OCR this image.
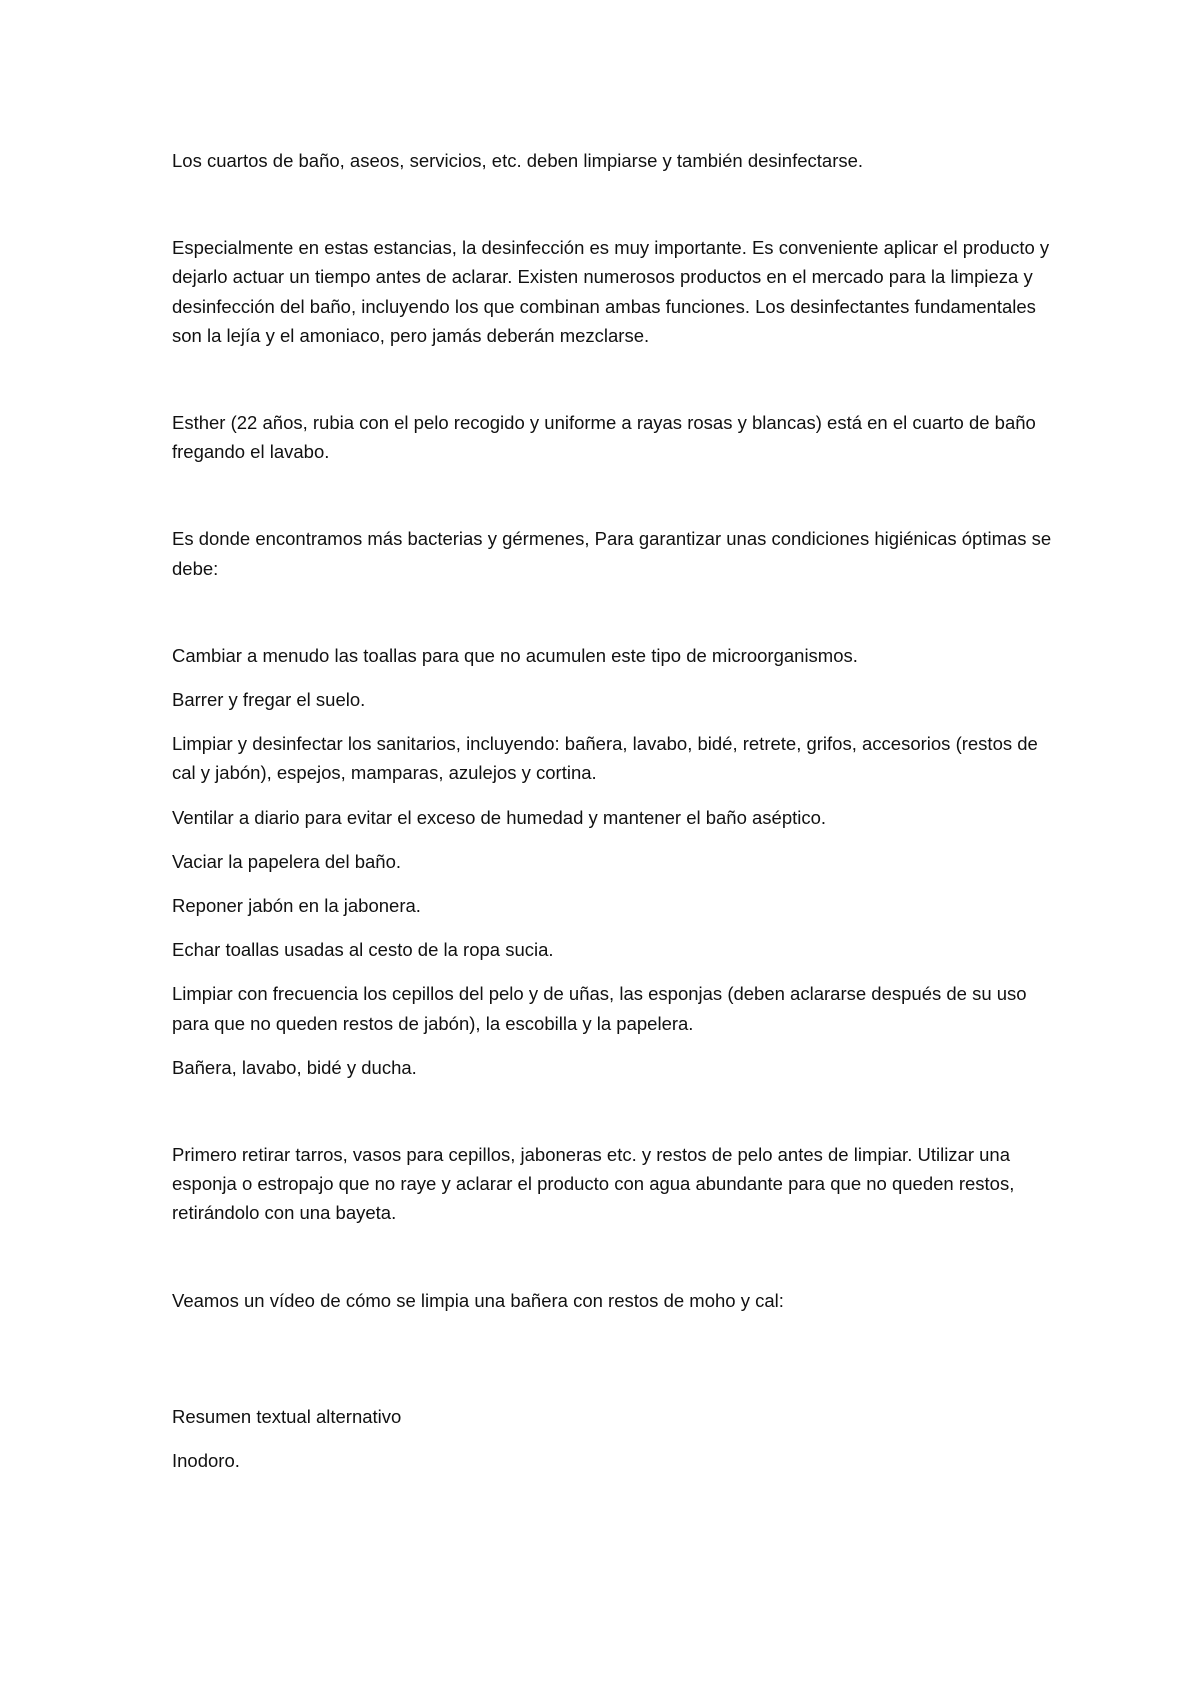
Los cuartos de baño, aseos, servicios, etc. deben limpiarse y también desinfectarse.

Especialmente en estas estancias, la desinfección es muy importante. Es conveniente aplicar el producto y dejarlo actuar un tiempo antes de aclarar. Existen numerosos productos en el mercado para la limpieza y desinfección del baño, incluyendo los que combinan ambas funciones. Los desinfectantes fundamentales son la lejía y el amoniaco, pero jamás deberán mezclarse.

Esther (22 años, rubia con el pelo recogido y uniforme a rayas rosas y blancas) está en el cuarto de baño fregando el lavabo.

Es donde encontramos más bacterias y gérmenes, Para garantizar unas condiciones higiénicas óptimas se debe:

Cambiar a menudo las toallas para que no acumulen este tipo de microorganismos.

Barrer y fregar el suelo.

Limpiar y desinfectar los sanitarios, incluyendo: bañera, lavabo, bidé, retrete, grifos, accesorios (restos de cal y jabón), espejos, mamparas, azulejos y cortina.

Ventilar a diario para evitar el exceso de humedad y mantener el baño aséptico.

Vaciar la papelera del baño.

Reponer jabón en la jabonera.

Echar toallas usadas al cesto de la ropa sucia.

Limpiar con frecuencia los cepillos del pelo y de uñas, las esponjas (deben aclararse después de su uso para que no queden restos de jabón), la escobilla y la papelera.

Bañera, lavabo, bidé y ducha.

Primero retirar tarros, vasos para cepillos, jaboneras etc. y restos de pelo antes de limpiar. Utilizar una esponja o estropajo que no raye y aclarar el producto con agua abundante para que no queden restos, retirándolo con una bayeta.

Veamos un vídeo de cómo se limpia una bañera con restos de moho y cal:

Resumen textual alternativo

Inodoro.
